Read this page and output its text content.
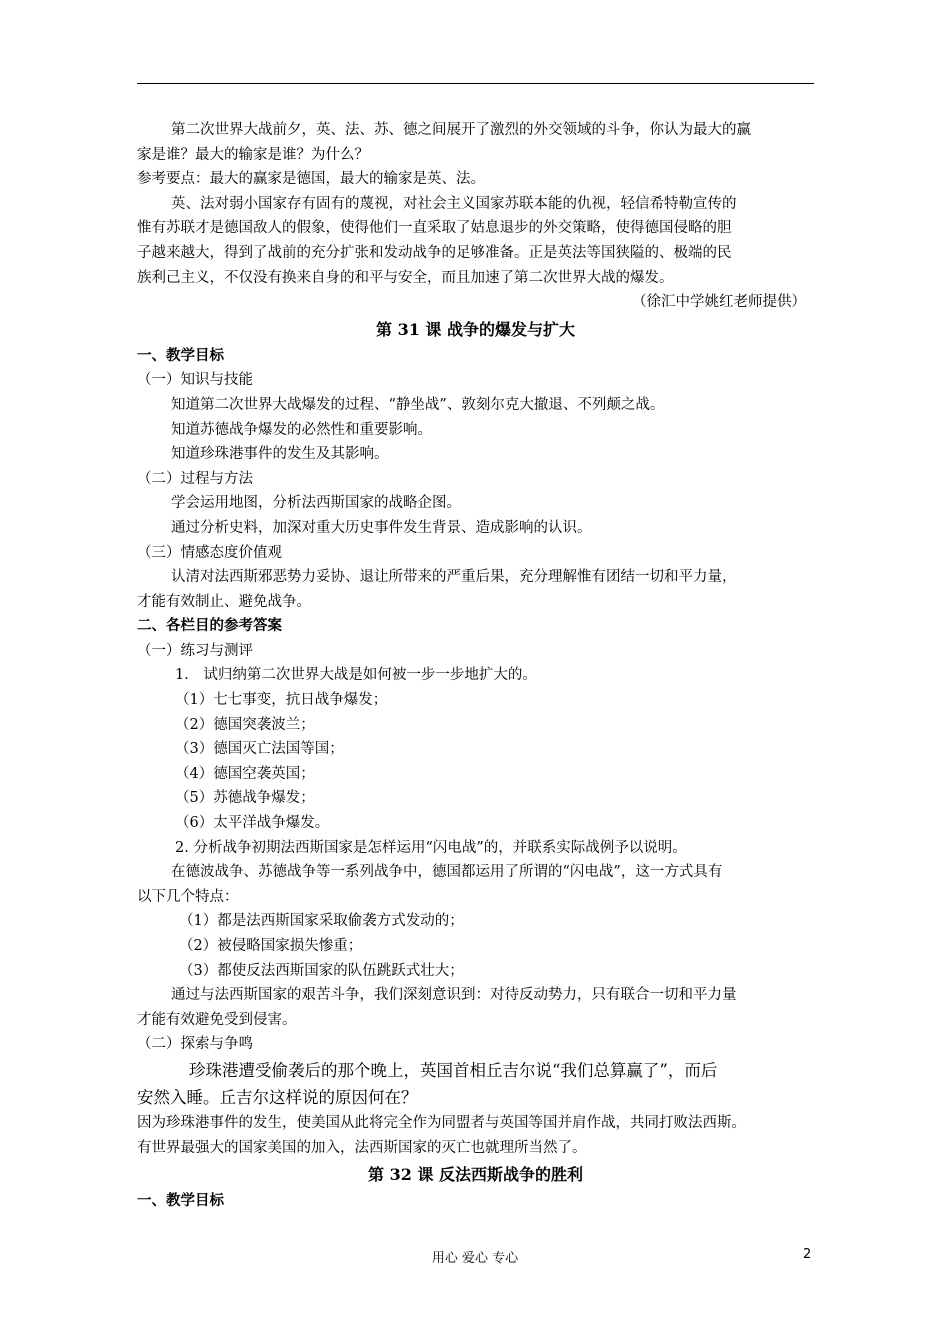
第二次世界大战前夕，英、法、苏、德之间展开了激烈的外交领域的斗争，你认为最大的赢
家是谁？最大的输家是谁？为什么？
参考要点：最大的赢家是德国，最大的输家是英、法。
英、法对弱小国家存有固有的蔑视，对社会主义国家苏联本能的仇视，轻信希特勒宣传的
惟有苏联才是德国敌人的假象，使得他们一直采取了姑息退步的外交策略，使得德国侵略的胆
子越来越大，得到了战前的充分扩张和发动战争的足够准备。正是英法等国狭隘的、极端的民
族利己主义，不仅没有换来自身的和平与安全，而且加速了第二次世界大战的爆发。
（徐汇中学姚红老师提供）
第 31 课 战争的爆发与扩大
一、教学目标
（一）知识与技能
知道第二次世界大战爆发的过程、“静坐战”、敦刻尔克大撤退、不列颠之战。
知道苏德战争爆发的必然性和重要影响。
知道珍珠港事件的发生及其影响。
（二）过程与方法
学会运用地图，分析法西斯国家的战略企图。
通过分析史料，加深对重大历史事件发生背景、造成影响的认识。
（三）情感态度价值观
认清对法西斯邪恶势力妥协、退让所带来的严重后果，充分理解惟有团结一切和平力量，
才能有效制止、避免战争。
二、各栏目的参考答案
（一）练习与测评
1． 试归纳第二次世界大战是如何被一步一步地扩大的。
（1）七七事变，抗日战争爆发；
（2）德国突袭波兰；
（3）德国灭亡法国等国；
（4）德国空袭英国；
（5）苏德战争爆发；
（6）太平洋战争爆发。
2. 分析战争初期法西斯国家是怎样运用“闪电战”的，并联系实际战例予以说明。
在德波战争、苏德战争等一系列战争中，德国都运用了所谓的“闪电战”，这一方式具有
以下几个特点：
（1）都是法西斯国家采取偷袭方式发动的；
（2）被侵略国家损失惨重；
（3）都使反法西斯国家的队伍跳跃式壮大；
通过与法西斯国家的艰苦斗争，我们深刻意识到：对待反动势力，只有联合一切和平力量
才能有效避免受到侵害。
（二）探索与争鸣
珍珠港遭受偷袭后的那个晚上，英国首相丘吉尔说“我们总算赢了”，而后
安然入睡。丘吉尔这样说的原因何在？
因为珍珠港事件的发生，使美国从此将完全作为同盟者与英国等国并肩作战，共同打败法西斯。
有世界最强大的国家美国的加入，法西斯国家的灭亡也就理所当然了。
第 32 课 反法西斯战争的胜利
一、教学目标
用心 爱心 专心	2
